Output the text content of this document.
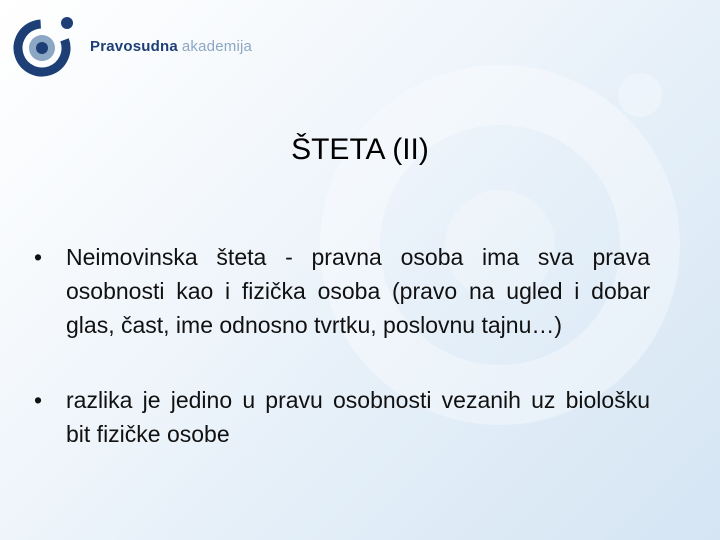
Pravosudna akademija
ŠTETA (II)
• Neimovinska šteta - pravna osoba ima sva prava osobnosti kao i fizička osoba (pravo na ugled i dobar glas, čast, ime odnosno tvrtku, poslovnu tajnu…)
• razlika je jedino u pravu osobnosti vezanih uz biološku bit fizičke osobe
